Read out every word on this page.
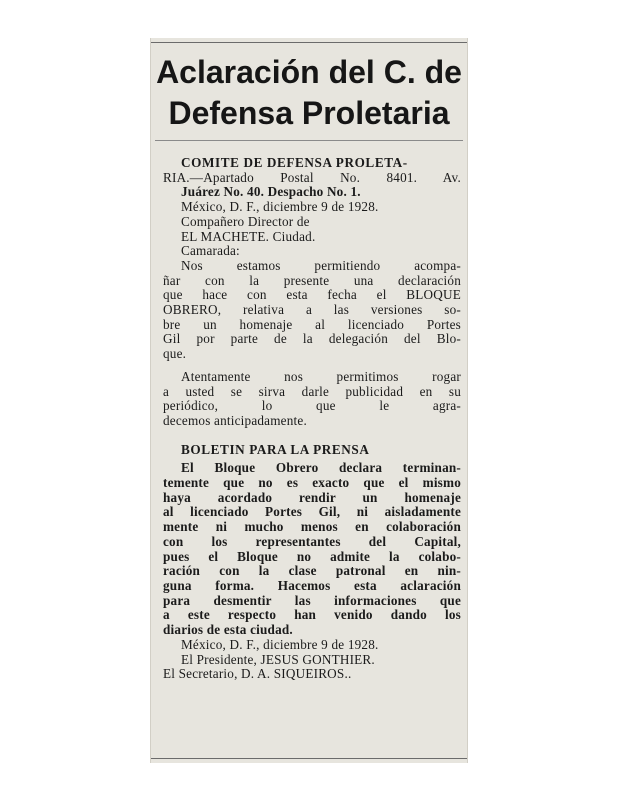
Aclaración del C. de
Defensa Proletaria
COMITE DE DEFENSA PROLETA-
RIA.—Apartado Postal No. 8401. Av.
Juárez No. 40. Despacho No. 1.
México, D. F., diciembre 9 de 1928.
Compañero Director de
EL MACHETE. Ciudad.
Camarada:
Nos estamos permitiendo acompa-
ñar con la presente una declaración
que hace con esta fecha el BLOQUE
OBRERO, relativa a las versiones so-
bre un homenaje al licenciado Portes
Gil por parte de la delegación del Blo-
que.
Atentamente nos permitimos rogar
a usted se sirva darle publicidad en su
periódico, lo que le agra-
decemos anticipadamente.
BOLETIN PARA LA PRENSA
El Bloque Obrero declara terminan-
temente que no es exacto que el mismo
haya acordado rendir un homenaje
al licenciado Portes Gil, ni aisladamente
mente ni mucho menos en colaboración
con los representantes del Capital,
pues el Bloque no admite la colabo-
ración con la clase patronal en nin-
guna forma. Hacemos esta aclaración
para desmentir las informaciones que
a este respecto han venido dando los
diarios de esta ciudad.
México, D. F., diciembre 9 de 1928.
El Presidente, JESUS GONTHIER.
El Secretario, D. A. SIQUEIROS..
